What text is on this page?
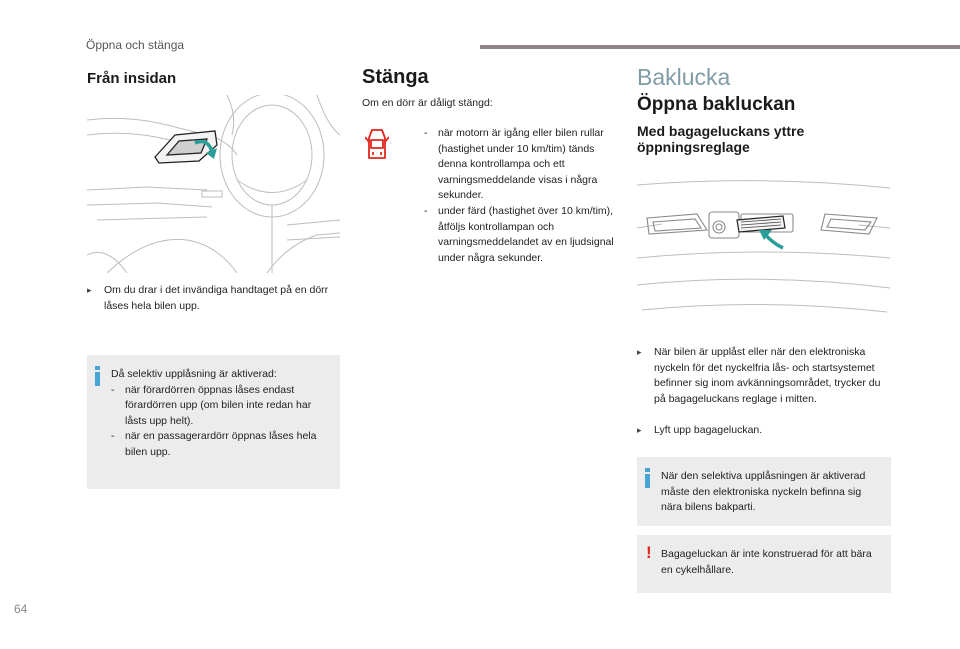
Öppna och stänga
Från insidan
▸ Om du drar i det invändiga handtaget på en dörr låses hela bilen upp.
Då selektiv upplåsning är aktiverad:
- när förardörren öppnas låses endast förardörren upp (om bilen inte redan har låsts upp helt).
- när en passagerardörr öppnas låses hela bilen upp.
Stänga
Om en dörr är dåligt stängd:
- när motorn är igång eller bilen rullar (hastighet under 10 km/tim) tänds denna kontrollampa och ett varningsmeddelande visas i några sekunder.
- under färd (hastighet över 10 km/tim), åtföljs kontrollampan och varningsmeddelandet av en ljudsignal under några sekunder.
Baklucka
Öppna bakluckan
Med bagageluckans yttre öppningsreglage
▸ När bilen är upplåst eller när den elektroniska nyckeln för det nyckelfria lås- och startsystemet befinner sig inom avkänningsområdet, trycker du på bagageluckans reglage i mitten.
▸ Lyft upp bagageluckan.
När den selektiva upplåsningen är aktiverad måste den elektroniska nyckeln befinna sig nära bilens bakparti.
! Bagageluckan är inte konstruerad för att bära en cykelhållare.
64
